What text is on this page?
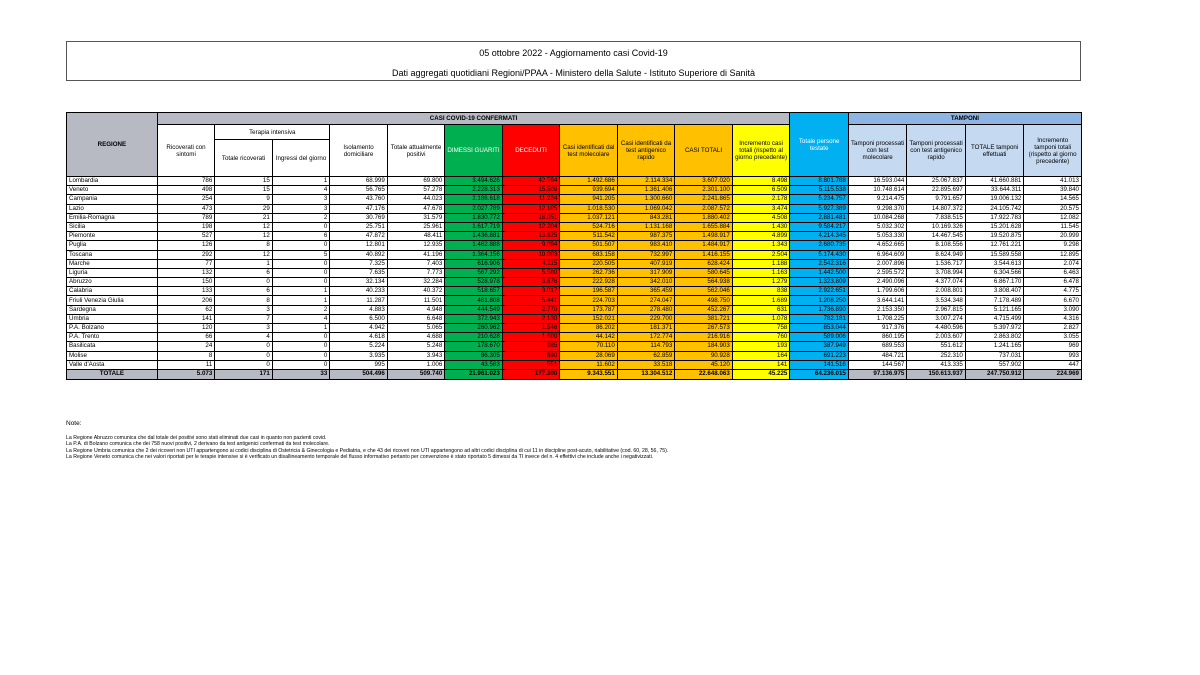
05 ottobre 2022 - Aggiornamento casi Covid-19
Dati aggregati quotidiani Regioni/PPAA - Ministero della Salute - Istituto Superiore di Sanità
REGIONE	CASI COVID-19 CONFERMATI											Totale persone testate	TAMPONI			
	Ricoverati con sintomi	Terapia intensiva		Isolamento domiciliare	Totale attualmente positivi	DIMESSI GUARITI	DECEDUTI	Casi identificati dal test molecolare	Casi identificati da test antigenico rapido	CASI TOTALI	Incremento casi totali (rispetto al giorno precedente)		Tamponi processati con test molecolare	Tamponi processati con test antigenico rapido	TOTALE tamponi effettuati	Incremento tamponi totali (rispetto al giorno precedente)
		Totale ricoverati	Ingressi del giorno													
Lombardia	786	15	1	68.999	69.800	3.494.626	42.594	1.492.686	2.114.334	3.607.020	8.498	8.801.788	16.593.044	25.067.837	41.660.881	41.013
Veneto	498	15	4	56.765	57.278	2.228.313	15.509	939.694	1.361.406	2.301.100	6.509	5.115.538	10.748.614	22.895.697	33.644.311	39.840
Campania	254	9	3	43.760	44.023	2.186.618	11.224	941.205	1.300.660	2.241.865	2.178	5.234.757	9.214.475	9.791.657	19.006.132	14.565
Lazio	473	29	3	47.176	47.678	2.027.789	12.105	1.018.530	1.069.042	2.087.572	3.474	5.927.389	9.298.370	14.807.372	24.105.742	20.575
Emilia-Romagna	789	21	2	30.769	31.579	1.830.772	18.051	1.037.121	843.281	1.880.402	4.508	2.881.481	10.084.268	7.838.515	17.922.783	12.082
Sicilia	198	12	0	25.751	25.961	1.617.719	12.204	524.716	1.131.168	1.655.884	1.430	9.584.217	5.032.302	10.169.326	15.201.628	11.545
Piemonte	527	12	6	47.872	48.411	1.436.881	13.625	511.542	987.375	1.498.917	4.899	4.214.345	5.053.330	14.467.545	19.520.875	20.999
Puglia	126	8	0	12.801	12.935	1.462.888	9.094	501.507	983.410	1.484.917	1.343	2.680.735	4.652.665	8.108.556	12.761.221	9.298
Toscana	292	12	5	40.892	41.196	1.364.156	10.803	683.158	732.997	1.416.155	2.504	5.174.430	6.964.609	8.624.949	15.589.558	12.895
Marche	77	1	0	7.325	7.403	616.906	4.115	220.505	407.919	628.424	1.188	2.542.316	2.007.896	1.536.717	3.544.613	2.074
Liguria	132	6	0	7.635	7.773	567.292	5.580	262.736	317.909	580.645	1.163	1.442.500	2.595.572	3.708.994	6.304.566	6.463
Abruzzo	150	0	0	32.134	32.284	528.978	3.676	222.928	342.010	564.938	1.279	1.323.809	2.490.096	4.377.074	6.867.170	6.478
Calabria	133	6	1	40.233	40.372	518.657	3.017	196.587	365.459	562.046	838	2.922.651	1.799.606	2.008.801	3.808.407	4.775
Friuli Venezia Giulia	206	8	1	11.287	11.501	481.808	5.441	224.703	274.047	498.750	1.689	1.208.250	3.644.141	3.534.348	7.178.489	6.670
Sardegna	62	3	2	4.883	4.948	444.549	2.770	173.787	278.480	452.267	631	1.736.890	2.153.350	2.967.815	5.121.165	3.090
Umbria	141	7	4	6.500	6.648	372.943	2.130	152.021	229.700	381.721	1.078	782.181	1.708.225	3.007.274	4.715.499	4.316
P.A. Bolzano	120	3	1	4.942	5.065	260.962	1.546	86.202	181.371	267.573	758	853.044	917.376	4.480.596	5.397.972	2.827
P.A. Trento	66	4	0	4.618	4.688	210.628	1.600	44.142	172.774	216.916	760	589.006	860.195	2.003.607	2.863.802	3.055
Basilicata	24	0	0	5.224	5.248	178.670	985	70.110	114.793	184.903	193	387.949	689.553	551.612	1.241.165	969
Molise	8	0	0	3.935	3.943	86.305	680	28.069	62.859	90.928	164	691.223	484.721	252.310	737.031	993
Valle d'Aosta	11	0	0	995	1.006	43.563	551	11.602	33.518	45.120	141	141.516	144.567	413.335	557.902	447
TOTALE	5.073	171	33	504.496	509.740	21.961.023	177.300	9.343.551	13.304.512	22.648.063	45.225	64.236.015	97.136.975	150.613.937	247.750.912	224.969
Note:
La Regione Abruzzo comunica che dal totale dei positivi sono stati eliminati due casi in quanto non pazienti covid.
La P.A. di Bolzano comunica che dei 758 nuovi positivi, 2 derivano da test antigenici confermati da test molecolare.
La Regione Umbria comunica che 2 dei ricoveri non UTI appartengono ai codici disciplina di Ostetricia & Ginecologia e Pediatria, e che 43 dei ricoveri non UTI appartengono ad altri codici disciplina di cui 11 in discipline post-acuto, riabilitative (cod. 60, 28, 56, 75).
La Regione Veneto comunica che nei valori riportati per le terapie intensive si è verificato un disallineamento temporale del flusso informativo pertanto per convenzione è stato riportato 5 dimessi da TI invece del n. 4 effettivi che include anche i negativizzati.
